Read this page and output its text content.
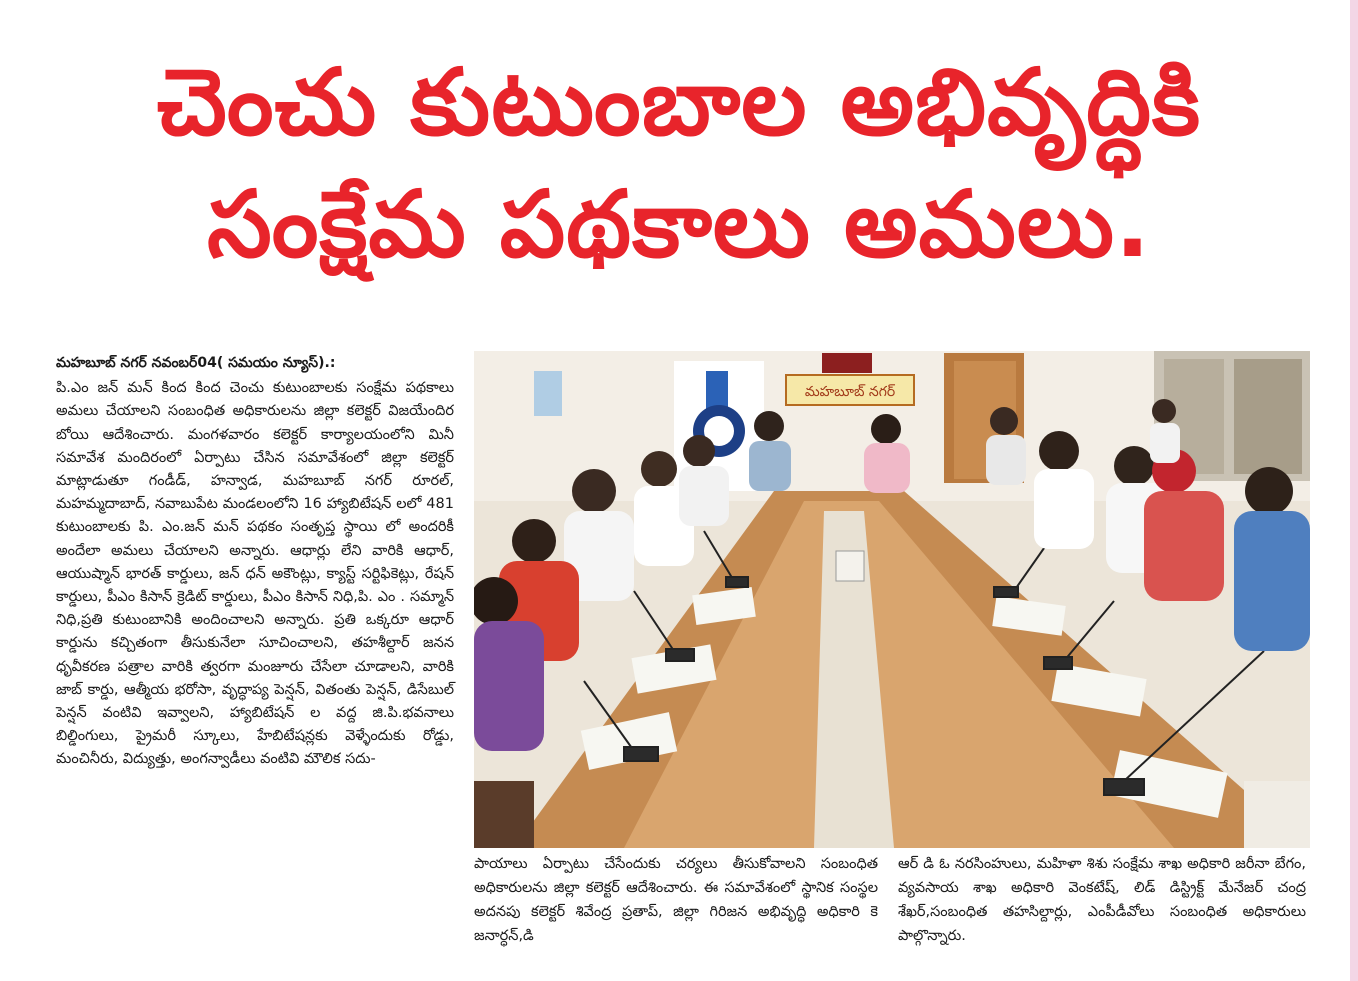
చెంచు కుటుంబాల అభివృద్ధికి
సంక్షేమ పథకాలు అమలు.

మహబూబ్ నగర్ నవంబర్04( సమయం న్యూస్).:

పి.ఎం జన్ మన్ కింద కింద చెంచు కుటుంబాలకు సంక్షేమ పథకాలు అమలు చేయాలని సంబంధిత అధికారులను జిల్లా కలెక్టర్ విజయేందిర బోయి ఆదేశించారు. మంగళవారం కలెక్టర్ కార్యాలయంలోని మినీ సమావేశ మందిరంలో ఏర్పాటు చేసిన సమావేశంలో జిల్లా కలెక్టర్ మాట్లాడుతూ గండీడ్, హన్వాడ, మహబూబ్ నగర్ రూరల్, మహమ్మదాబాద్, నవాబుపేట మండలంలోని 16 హ్యాబిటేషన్ లలో 481 కుటుంబాలకు పి. ఎం.జన్ మన్ పథకం సంతృప్త స్థాయి లో అందరికీ అందేలా అమలు చేయాలని అన్నారు. ఆధార్లు లేని వారికి ఆధార్, ఆయుష్మాన్ భారత్ కార్డులు, జన్ ధన్ అకౌంట్లు, క్యాస్ట్ సర్టిఫికెట్లు, రేషన్ కార్డులు, పీఎం కిసాన్ క్రెడిట్ కార్డులు, పీఎం కిసాన్ నిధి,పి. ఎం . సమ్మాన్ నిధి,ప్రతి కుటుంబానికి అందించాలని అన్నారు. ప్రతి ఒక్కరూ ఆధార్ కార్డును కచ్చితంగా తీసుకునేలా సూచించాలని, తహశీల్దార్ జనన ధృవీకరణ పత్రాల వారికి త్వరగా మంజూరు చేసేలా చూడాలని, వారికి జాబ్ కార్డు, ఆత్మీయ భరోసా, వృద్ధాప్య పెన్షన్, వితంతు పెన్షన్, డిసేబుల్ పెన్షన్ వంటివి ఇవ్వాలని, హ్యాబిటేషన్ ల వద్ద జి.పి.భవనాలు బిల్డింగులు, ప్రైమరీ స్కూలు, హేబిటేషన్లకు వెళ్ళేందుకు రోడ్డు, మంచినీరు, విద్యుత్తు, అంగన్వాడీలు వంటివి మౌలిక సదు-

మహబూబ్ నగర్

పాయాలు ఏర్పాటు చేసేందుకు చర్యలు తీసుకోవాలని సంబంధిత అధికారులను జిల్లా కలెక్టర్ ఆదేశించారు. ఈ సమావేశంలో స్థానిక సంస్థల అదనపు కలెక్టర్ శివేంద్ర ప్రతాప్, జిల్లా గిరిజన అభివృద్ధి అధికారి కె జనార్ధన్,డి

ఆర్ డి ఓ నరసింహులు, మహిళా శిశు సంక్షేమ శాఖ అధికారి జరీనా బేగం, వ్యవసాయ శాఖ అధికారి వెంకటేష్, లిడ్ డిస్ట్రిక్ట్ మేనేజర్ చంద్ర శేఖర్,సంబంధిత తహసిల్దార్లు, ఎంపీడీవోలు సంబంధిత అధికారులు పాల్గొన్నారు.
